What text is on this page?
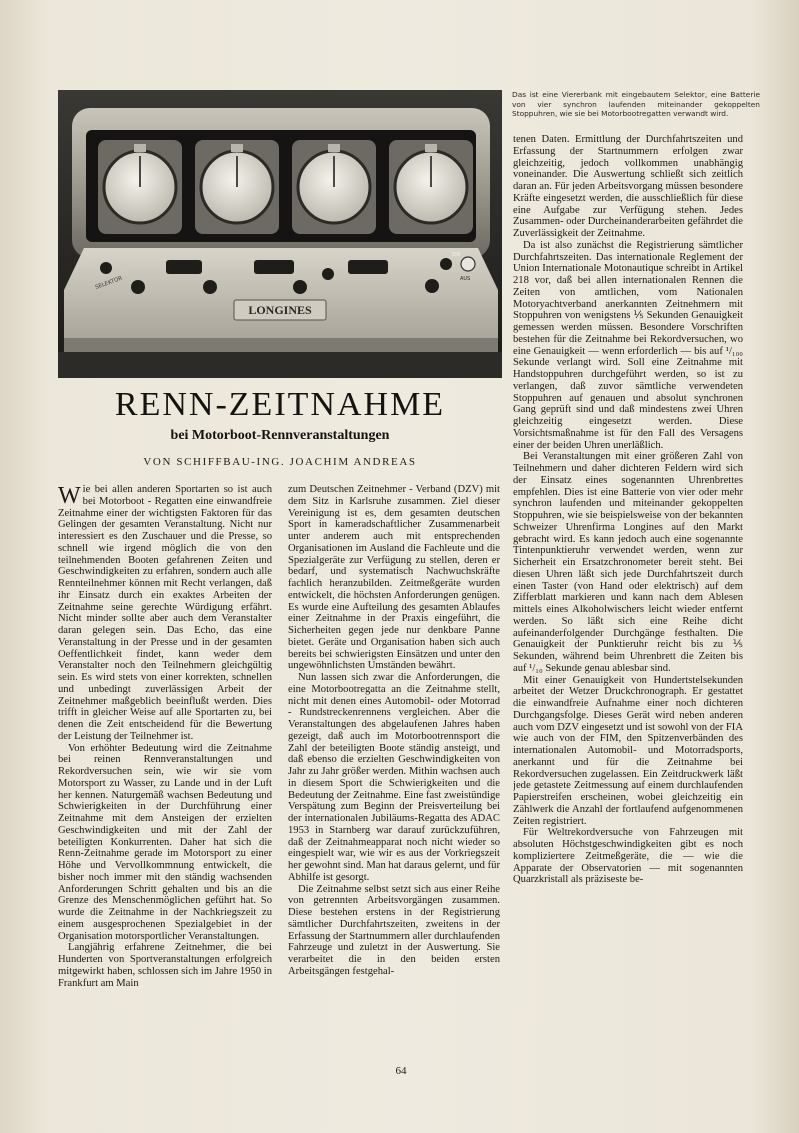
LONGINES
SELEKTOR
EIN
AUS

Das ist eine Viererbank mit eingebautem Selektor, eine Batterie von vier synchron laufenden miteinander gekoppelten Stoppuhren, wie sie bei Motorbootregatten verwandt wird.

RENN-ZEITNAHME
bei Motorboot-Rennveranstaltungen

VON SCHIFFBAU-ING. JOACHIM ANDREAS

Wie bei allen anderen Sportarten so ist auch bei Motorboot - Regatten eine einwandfreie Zeitnahme einer der wichtigsten Faktoren für das Gelingen der gesamten Veranstaltung. Nicht nur interessiert es den Zuschauer und die Presse, so schnell wie irgend möglich die von den teilnehmenden Booten gefahrenen Zeiten und Geschwindigkeiten zu erfahren, sondern auch alle Rennteilnehmer können mit Recht verlangen, daß ihr Einsatz durch ein exaktes Arbeiten der Zeitnahme seine gerechte Würdigung erfährt. Nicht minder sollte aber auch dem Veranstalter daran gelegen sein. Das Echo, das eine Veranstaltung in der Presse und in der gesamten Oeffentlichkeit findet, kann weder dem Veranstalter noch den Teilnehmern gleichgültig sein. Es wird stets von einer korrekten, schnellen und unbedingt zuverlässigen Arbeit der Zeitnehmer maßgeblich beeinflußt werden. Dies trifft in gleicher Weise auf alle Sportarten zu, bei denen die Zeit entscheidend für die Bewertung der Leistung der Teilnehmer ist.

Von erhöhter Bedeutung wird die Zeitnahme bei reinen Rennveranstaltungen und Rekordversuchen sein, wie wir sie vom Motorsport zu Wasser, zu Lande und in der Luft her kennen. Naturgemäß wachsen Bedeutung und Schwierigkeiten in der Durchführung einer Zeitnahme mit dem Ansteigen der erzielten Geschwindigkeiten und mit der Zahl der beteiligten Konkurrenten. Daher hat sich die Renn-Zeitnahme gerade im Motorsport zu einer Höhe und Vervollkommnung entwickelt, die bisher noch immer mit den ständig wachsenden Anforderungen Schritt gehalten und bis an die Grenze des Menschenmöglichen geführt hat. So wurde die Zeitnahme in der Nachkriegszeit zu einem ausgesprochenen Spezialgebiet in der Organisation motorsportlicher Veranstaltungen.

Langjährig erfahrene Zeitnehmer, die bei Hunderten von Sportveranstaltungen erfolgreich mitgewirkt haben, schlossen sich im Jahre 1950 in Frankfurt am Main

zum Deutschen Zeitnehmer - Verband (DZV) mit dem Sitz in Karlsruhe zusammen. Ziel dieser Vereinigung ist es, dem gesamten deutschen Sport in kameradschaftlicher Zusammenarbeit unter anderem auch mit entsprechenden Organisationen im Ausland die Fachleute und die Spezialgeräte zur Verfügung zu stellen, deren er bedarf, und systematisch Nachwuchskräfte fachlich heranzubilden. Zeitmeßgeräte wurden entwickelt, die höchsten Anforderungen genügen. Es wurde eine Aufteilung des gesamten Ablaufes einer Zeitnahme in der Praxis eingeführt, die Sicherheiten gegen jede nur denkbare Panne bietet. Geräte und Organisation haben sich auch bereits bei schwierigsten Einsätzen und unter den ungewöhnlichsten Umständen bewährt.

Nun lassen sich zwar die Anforderungen, die eine Motorbootregatta an die Zeitnahme stellt, nicht mit denen eines Automobil- oder Motorrad - Rundstreckenrennens vergleichen. Aber die Veranstaltungen des abgelaufenen Jahres haben gezeigt, daß auch im Motorbootrennsport die Zahl der beteiligten Boote ständig ansteigt, und daß ebenso die erzielten Geschwindigkeiten von Jahr zu Jahr größer werden. Mithin wachsen auch in diesem Sport die Schwierigkeiten und die Bedeutung der Zeitnahme. Eine fast zweistündige Verspätung zum Beginn der Preisverteilung bei der internationalen Jubiläums-Regatta des ADAC 1953 in Starnberg war darauf zurückzuführen, daß der Zeitnahmeapparat noch nicht wieder so eingespielt war, wie wir es aus der Vorkriegszeit her gewohnt sind. Man hat daraus gelernt, und für Abhilfe ist gesorgt.

Die Zeitnahme selbst setzt sich aus einer Reihe von getrennten Arbeitsvorgängen zusammen. Diese bestehen erstens in der Registrierung sämtlicher Durchfahrtszeiten, zweitens in der Erfassung der Startnummern aller durchlaufenden Fahrzeuge und zuletzt in der Auswertung. Sie verarbeitet die in den beiden ersten Arbeitsgängen festgehal-

tenen Daten. Ermittlung der Durchfahrtszeiten und Erfassung der Startnummern erfolgen zwar gleichzeitig, jedoch vollkommen unabhängig voneinander. Die Auswertung schließt sich zeitlich daran an. Für jeden Arbeitsvorgang müssen besondere Kräfte eingesetzt werden, die ausschließlich für diese eine Aufgabe zur Verfügung stehen. Jedes Zusammen- oder Durcheinanderarbeiten gefährdet die Zuverlässigkeit der Zeitnahme.

Da ist also zunächst die Registrierung sämtlicher Durchfahrtszeiten. Das internationale Reglement der Union Internationale Motonautique schreibt in Artikel 218 vor, daß bei allen internationalen Rennen die Zeiten von amtlichen, vom Nationalen Motoryachtverband anerkannten Zeitnehmern mit Stoppuhren von wenigstens ⅕ Sekunden Genauigkeit gemessen werden müssen. Besondere Vorschriften bestehen für die Zeitnahme bei Rekordversuchen, wo eine Genauigkeit — wenn erforderlich — bis auf ¹/₁₀₀ Sekunde verlangt wird. Soll eine Zeitnahme mit Handstoppuhren durchgeführt werden, so ist zu verlangen, daß zuvor sämtliche verwendeten Stoppuhren auf genauen und absolut synchronen Gang geprüft sind und daß mindestens zwei Uhren gleichzeitig eingesetzt werden. Diese Vorsichtsmaßnahme ist für den Fall des Versagens einer der beiden Uhren unerläßlich.

Bei Veranstaltungen mit einer größeren Zahl von Teilnehmern und daher dichteren Feldern wird sich der Einsatz eines sogenannten Uhrenbrettes empfehlen. Dies ist eine Batterie von vier oder mehr synchron laufenden und miteinander gekoppelten Stoppuhren, wie sie beispielsweise von der bekannten Schweizer Uhrenfirma Longines auf den Markt gebracht wird. Es kann jedoch auch eine sogenannte Tintenpunktieruhr verwendet werden, wenn zur Sicherheit ein Ersatzchronometer bereit steht. Bei diesen Uhren läßt sich jede Durchfahrtszeit durch einen Taster (von Hand oder elektrisch) auf dem Zifferblatt markieren und kann nach dem Ablesen mittels eines Alkoholwischers leicht wieder entfernt werden. So läßt sich eine Reihe dicht aufeinanderfolgender Durchgänge festhalten. Die Genauigkeit der Punktieruhr reicht bis zu ⅕ Sekunden, während beim Uhrenbrett die Zeiten bis auf ¹/₁₀ Sekunde genau ablesbar sind.

Mit einer Genauigkeit von Hundertstelsekunden arbeitet der Wetzer Druckchronograph. Er gestattet die einwandfreie Aufnahme einer noch dichteren Durchgangsfolge. Dieses Gerät wird neben anderen auch vom DZV eingesetzt und ist sowohl von der FIA wie auch von der FIM, den Spitzenverbänden des internationalen Automobil- und Motorradsports, anerkannt und für die Zeitnahme bei Rekordversuchen zugelassen. Ein Zeitdruckwerk läßt jede getastete Zeitmessung auf einem durchlaufenden Papierstreifen erscheinen, wobei gleichzeitig ein Zählwerk die Anzahl der fortlaufend aufgenommenen Zeiten registriert.

Für Weltrekordversuche von Fahrzeugen mit absoluten Höchstgeschwindigkeiten gibt es noch kompliziertere Zeitmeßgeräte, die — wie die Apparate der Observatorien — mit sogenannten Quarzkristall als präziseste be-

64
